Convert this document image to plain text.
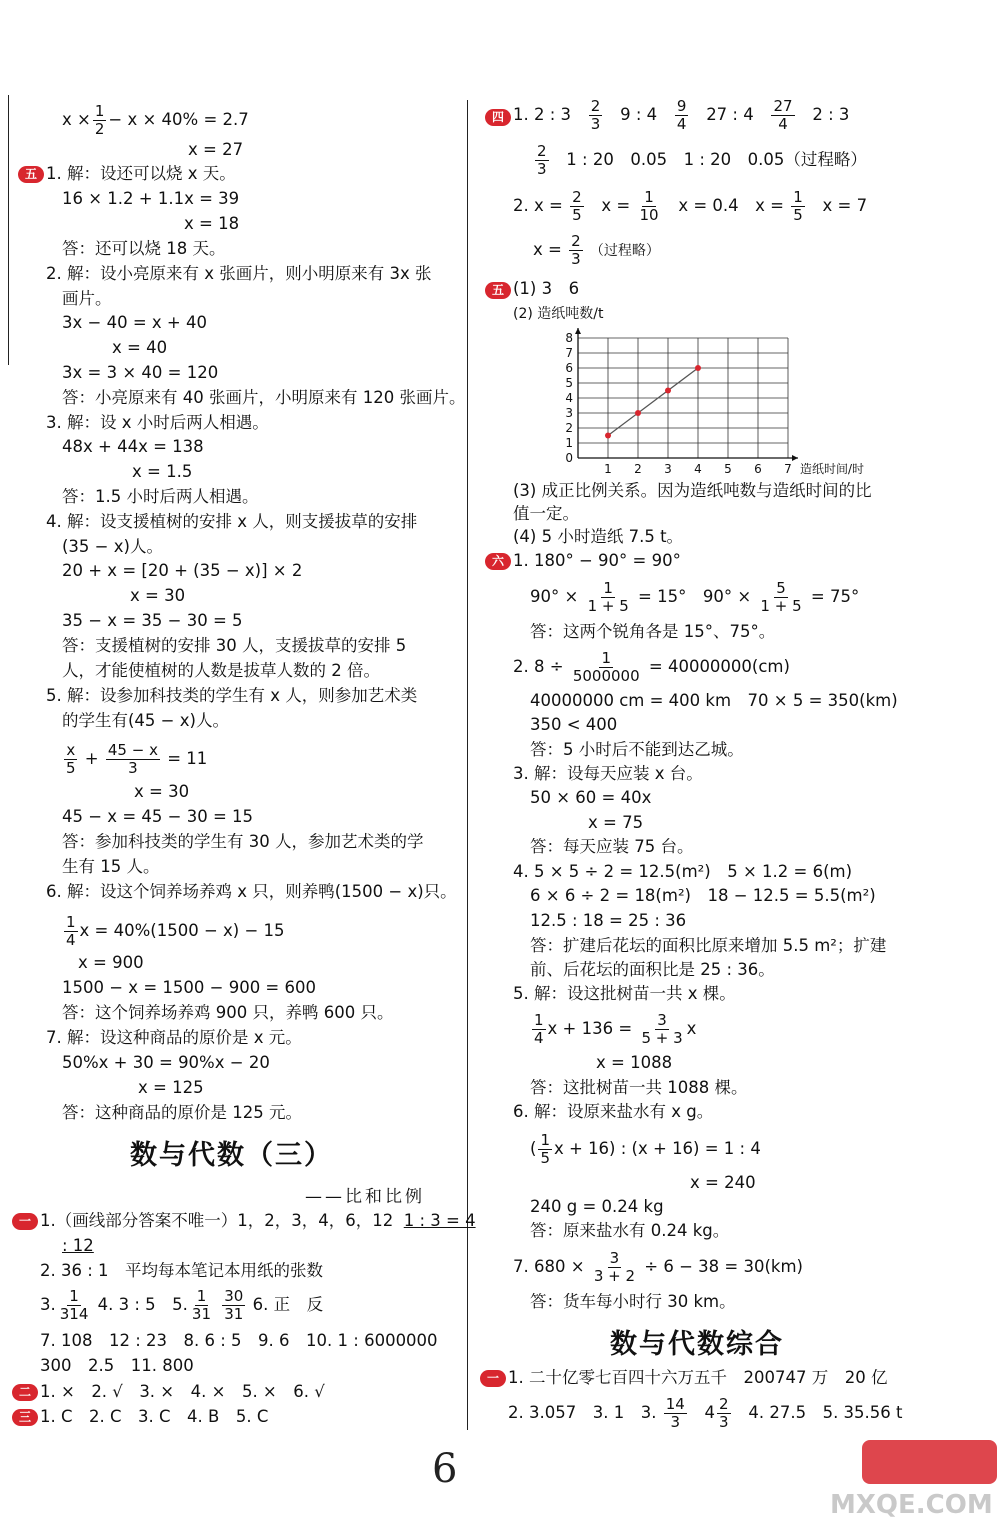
$x \times \frac{1}{2} - x \times 40\% = 2.7$
x = 27
五 1. 解：设还可以烧 x 天。
16 × 1.2 + 1.1x = 39
x = 18
答：还可以烧 18 天。
2. 解：设小亮原来有 x 张画片，则小明原来有 3x 张
画片。
3x − 40 = x + 40
x = 40
3x = 3 × 40 = 120
答：小亮原来有 40 张画片，小明原来有 120 张画片。
3. 解：设 x 小时后两人相遇。
48x + 44x = 138
x = 1.5
答：1.5 小时后两人相遇。
4. 解：设支援植树的安排 x 人，则支援拔草的安排
(35 − x)人。
20 + x = [20 + (35 − x)] × 2
x = 30
35 − x = 35 − 30 = 5
答：支援植树的安排 30 人，支援拔草的安排 5
人，才能使植树的人数是拔草人数的 2 倍。
5. 解：设参加科技类的学生有 x 人，则参加艺术类
的学生有(45 − x)人。
$\frac{x}{5} + \frac{45 - x}{3} = 11$
x = 30
45 − x = 45 − 30 = 15
答：参加科技类的学生有 30 人，参加艺术类的学
生有 15 人。
6. 解：设这个饲养场养鸡 x 只，则养鸭(1500 − x)只。
$\frac{1}{4}$ x = 40%(1500 − x) − 15
x = 900
1500 − x = 1500 − 900 = 600
答：这个饲养场养鸡 900 只，养鸭 600 只。
7. 解：设这种商品的原价是 x 元。
50%x + 30 = 90%x − 20
x = 125
答：这种商品的原价是 125 元。
数与代数（三）
——比和比例
一 1.（画线部分答案不唯一）1，2，3，4，6，12 1 : 3 = 4
: 12
2. 36 : 1　平均每本笔记本用纸的张数
3. $\frac{1}{314} 4$. 3 : 5　5. $\frac{1}{31}$
$\frac{30}{31} 6$. 正　反
7. 108　12 : 23　8. 6 : 5　9. 6　10. 1 : 6000000
300　2.5　11. 800
二 1. ×　2. √　3. ×　4. ×　5. ×　6. √
三 1. C　2. C　3. C　4. B　5. C
四 1. 2 : $3 \frac{2}{3} 9$ : $4 \frac{9}{4} 27$ : $4 \frac{27}{4} 2$ : 3
$\frac{2}{3} 1$ : 20　0.05　1 : 20　0.05（过程略）
2. $x = \frac{2}{5}$ $x = \frac{1}{10}$ x = 0.4　$x = \frac{1}{5}$ x = 7
$x = \frac{2}{3}$ （过程略）
五 (1) 3　6
(2) 造纸吨数/t
1 2 3 4 5 6 7
0
1
2
3
4
5
6
7
8
造纸时间/时
(3) 成正比例关系。因为造纸吨数与造纸时间的比
值一定。
(4) 5 小时造纸 7.5 t。
六 1. 180° − 90° = 90°
$90^\circ \times \frac{1}{1 + 5} = 15^\circ$　$90^\circ \times \frac{5}{1 + 5} = 75^\circ$
答：这两个锐角各是 15°、75°。
2. $8 \div \frac{1}{5000000} = 40000000(cm)$
40000000 cm = 400 km　70 × 5 = 350(km)
350 < 400
答：5 小时后不能到达乙城。
3. 解：设每天应装 x 台。
50 × 60 = 40x
x = 75
答：每天应装 75 台。
4. 5 × 5 ÷ 2 = 12.5(m²)　5 × 1.2 = 6(m)
6 × 6 ÷ 2 = 18(m²)　18 − 12.5 = 5.5(m²)
12.5 : 18 = 25 : 36
答：扩建后花坛的面积比原来增加 5.5 m²；扩建
前、后花坛的面积比是 25 : 36。
5. 解：设这批树苗一共 x 棵。
$\frac{1}{4}$ $x + 136 = \frac{3}{5 + 3}$ x
x = 1088
答：这批树苗一共 1088 棵。
6. 解：设原来盐水有 x g。
( $\frac{1}{5}$ x + 16) : (x + 16) = 1 : 4
x = 240
240 g = 0.24 kg
答：原来盐水有 0.24 kg。
7. $680 \times \frac{3}{3 + 2} \div 6 - 38 = 30(km)$
答：货车每小时行 30 km。
数与代数综合
一 1. 二十亿零七百四十六万五千　200747 万　20 亿
2. 3.057　3. 1　3. $\frac{14}{3} 4 \frac{2}{3} 4$. 27.5　5. 35.56 t
6
MXQE.COM
